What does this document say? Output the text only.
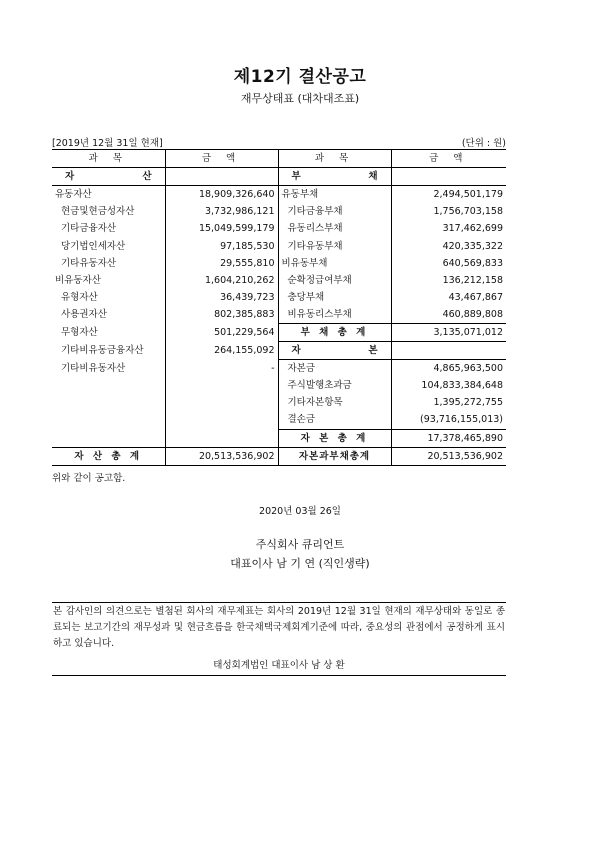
제12기 결산공고
재무상태표 (대차대조표)
[2019년 12월 31일 현재]	(단위 : 원)
과 목	금 액	과 목	금 액

자 산		부 채	

유동자산	18,909,326,640	유동부채	2,494,501,179
현금및현금성자산	3,732,986,121	기타금융부채	1,756,703,158
기타금융자산	15,049,599,179	유동리스부채	317,462,699
당기법인세자산	97,185,530	기타유동부채	420,335,322
기타유동자산	29,555,810	비유동부채	640,569,833
비유동자산	1,604,210,262	순확정급여부채	136,212,158
유형자산	36,439,723	충당부채	43,467,867
사용권자산	802,385,883	비유동리스부채	460,889,808
무형자산	501,229,564	부 채 총 계	3,135,071,012
기타비유동금융자산	264,155,092	자 본	

기타비유동자산	-	자본금	4,865,963,500
		주식발행초과금	104,833,384,648
		기타자본항목	1,395,272,755
		결손금	(93,716,155,013)
		자 본 총 계	17,378,465,890
자 산 총 계	20,513,536,902	자본과부채총계	20,513,536,902
위와 같이 공고함.
2020년 03월 26일
주식회사 큐리언트
대표이사 남 기 연 (직인생략)
본 감사인의 의견으로는 별첨된 회사의 재무제표는 회사의 2019년 12월 31일 현재의 재무상태와 동일로 종료되는 보고기간의 재무성과 및 현금흐름을 한국채택국제회계기준에 따라, 중요성의 관점에서 공정하게 표시하고 있습니다.
태성회계법인 대표이사 남 상 환
